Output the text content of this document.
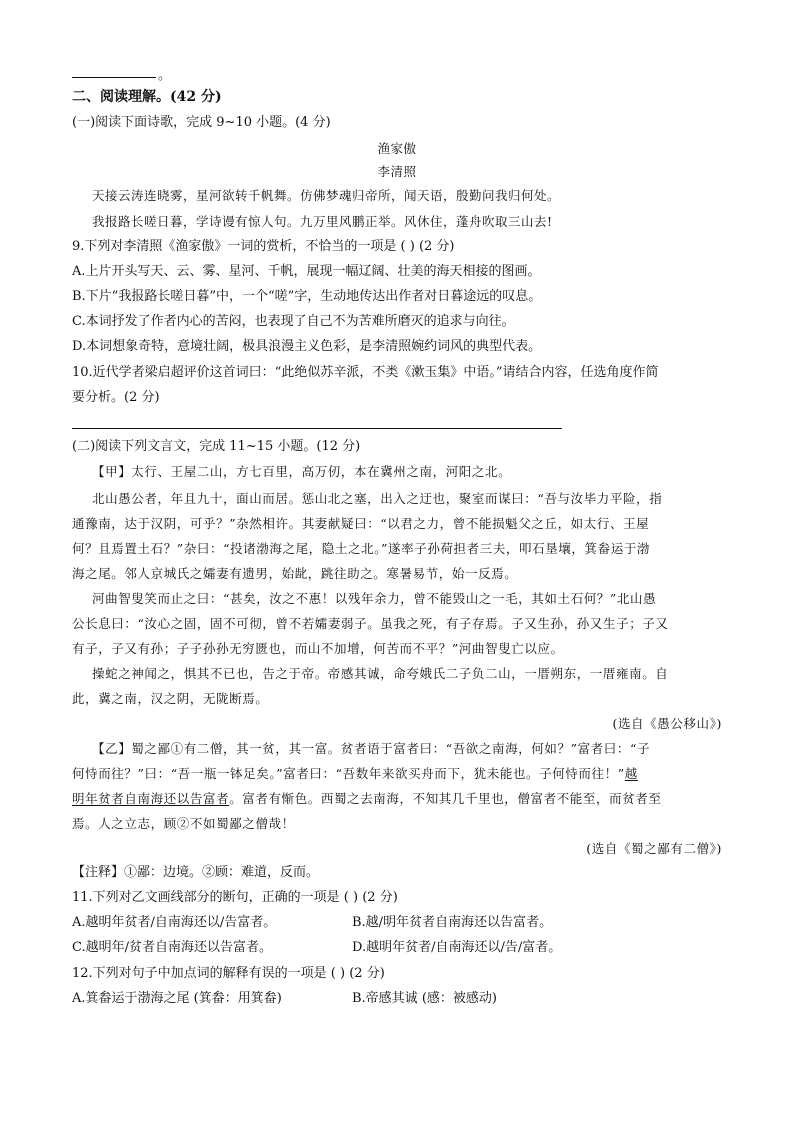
。
二、阅读理解。(42 分)
(一)阅读下面诗歌，完成 9~10 小题。(4 分)
渔家傲
李清照
天接云涛连晓雾，星河欲转千帆舞。仿佛梦魂归帝所，闻天语，殷勤问我归何处。
我报路长嗟日暮，学诗谩有惊人句。九万里风鹏正举。风休住，蓬舟吹取三山去!
9.下列对李清照《渔家傲》一词的赏析，不恰当的一项是 ( ) (2 分)
A.上片开头写天、云、雾、星河、千帆，展现一幅辽阔、壮美的海天相接的图画。
B.下片“我报路长嗟日暮”中，一个“嗟”字，生动地传达出作者对日暮途远的叹息。
C.本词抒发了作者内心的苦闷，也表现了自己不为苦难所磨灭的追求与向往。
D.本词想象奇特，意境壮阔，极具浪漫主义色彩，是李清照婉约词风的典型代表。
10.近代学者梁启超评价这首词曰：“此绝似苏辛派，不类《漱玉集》中语。”请结合内容，任选角度作简
要分析。(2 分)
(二)阅读下列文言文，完成 11~15 小题。(12 分)
【甲】太行、王屋二山，方七百里，高万仞，本在冀州之南，河阳之北。
北山愚公者，年且九十，面山而居。惩山北之塞，出入之迂也，聚室而谋曰：“吾与汝毕力平险，指
通豫南，达于汉阴，可乎？”杂然相许。其妻献疑曰：“以君之力，曾不能损魁父之丘，如太行、王屋
何？且焉置土石？”杂曰：“投诸渤海之尾，隐土之北。”遂率子孙荷担者三夫，叩石垦壤，箕畚运于渤
海之尾。邻人京城氏之孀妻有遗男，始龀，跳往助之。寒暑易节，始一反焉。
河曲智叟笑而止之曰：“甚矣，汝之不惠！以残年余力，曾不能毁山之一毛，其如土石何？”北山愚
公长息曰：“汝心之固，固不可彻，曾不若孀妻弱子。虽我之死，有子存焉。子又生孙，孙又生子；子又
有子，子又有孙；子子孙孙无穷匮也，而山不加增，何苦而不平？”河曲智叟亡以应。
操蛇之神闻之，惧其不已也，告之于帝。帝感其诚，命夸娥氏二子负二山，一厝朔东，一厝雍南。自
此，冀之南，汉之阴，无陇断焉。
(选自《愚公移山》)
【乙】蜀之鄙①有二僧，其一贫，其一富。贫者语于富者曰：“吾欲之南海，何如？”富者曰：“子
何恃而往？”曰：“吾一瓶一钵足矣。”富者曰：“吾数年来欲买舟而下，犹未能也。子何恃而往！”越
明年贫者自南海还以告富者。富者有惭色。西蜀之去南海，不知其几千里也，僧富者不能至，而贫者至
焉。人之立志，顾②不如蜀鄙之僧哉！
(选自《蜀之鄙有二僧》)
【注释】①鄙：边境。②顾：难道，反而。
11.下列对乙文画线部分的断句，正确的一项是 ( ) (2 分)
A.越明年贫者/自南海还以/告富者。	B.越/明年贫者自南海还以告富者。
C.越明年/贫者自南海还以告富者。	D.越明年贫者/自南海还以/告/富者。
12.下列对句子中加点词的解释有误的一项是 ( ) (2 分)
A.箕畚运于渤海之尾 (箕畚：用箕畚)	B.帝感其诚 (感：被感动)
